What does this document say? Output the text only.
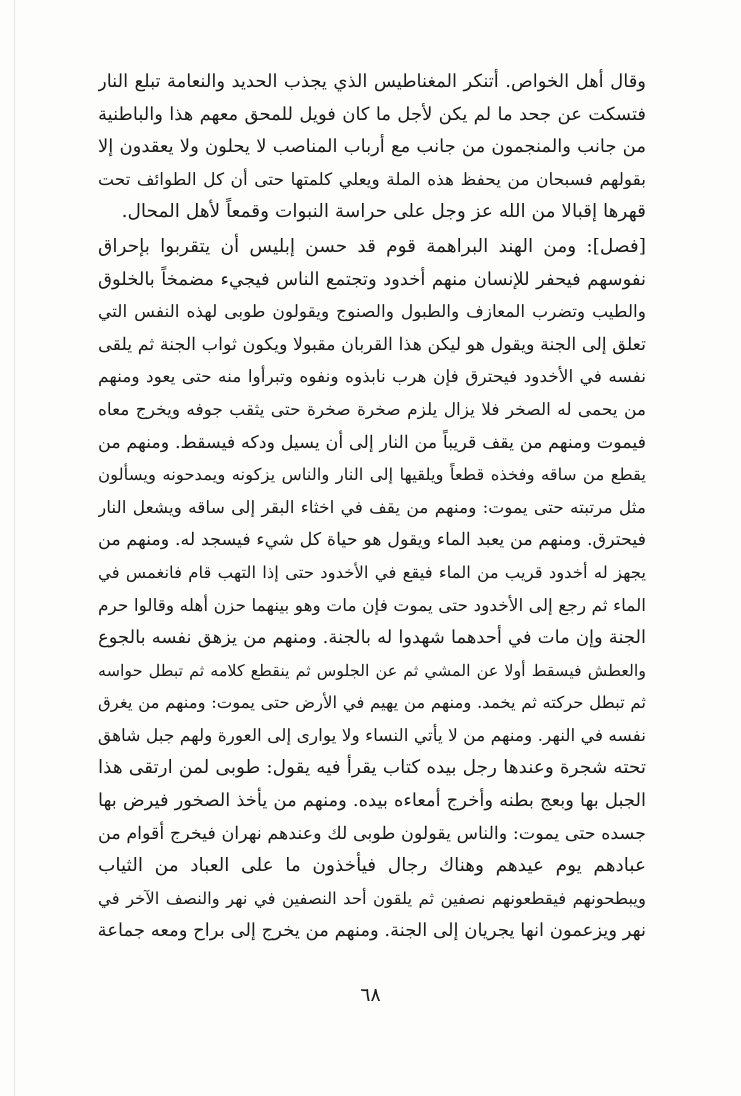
وقال أهل الخواص. أتنكر المغناطيس الذي يجذب الحديد والنعامة تبلع النار
فتسكت عن جحد ما لم يكن لأجل ما كان فويل للمحق معهم هذا والباطنية
من جانب والمنجمون من جانب مع أرباب المناصب لا يحلون ولا يعقدون إلا
بقولهم فسبحان من يحفظ هذه الملة ويعلي كلمتها حتى أن كل الطوائف تحت
قهرها إقبالا من الله عز وجل على حراسة النبوات وقمعاً لأهل المحال.
[فصل]: ومن الهند البراهمة قوم قد حسن إبليس أن يتقربوا بإحراق
نفوسهم فيحفر للإنسان منهم أخدود وتجتمع الناس فيجيء مضمخاً بالخلوق
والطيب وتضرب المعازف والطبول والصنوج ويقولون طوبى لهذه النفس التي
تعلق إلى الجنة ويقول هو ليكن هذا القربان مقبولا ويكون ثواب الجنة ثم يلقى
نفسه في الأخدود فيحترق فإن هرب نابذوه ونفوه وتبرأوا منه حتى يعود ومنهم
من يحمى له الصخر فلا يزال يلزم صخرة صخرة حتى يثقب جوفه ويخرج معاه
فيموت ومنهم من يقف قريباً من النار إلى أن يسيل ودكه فيسقط. ومنهم من
يقطع من ساقه وفخذه قطعاً ويلقيها إلى النار والناس يزكونه ويمدحونه ويسألون
مثل مرتبته حتى يموت: ومنهم من يقف في اخثاء البقر إلى ساقه ويشعل النار
فيحترق. ومنهم من يعبد الماء ويقول هو حياة كل شيء فيسجد له. ومنهم من
يجهز له أخدود قريب من الماء فيقع في الأخدود حتى إذا التهب قام فانغمس في
الماء ثم رجع إلى الأخدود حتى يموت فإن مات وهو بينهما حزن أهله وقالوا حرم
الجنة وإن مات في أحدهما شهدوا له بالجنة. ومنهم من يزهق نفسه بالجوع
والعطش فيسقط أولا عن المشي ثم عن الجلوس ثم ينقطع كلامه ثم تبطل حواسه
ثم تبطل حركته ثم يخمد. ومنهم من يهيم في الأرض حتى يموت: ومنهم من يغرق
نفسه في النهر. ومنهم من لا يأتي النساء ولا يوارى إلى العورة ولهم جبل شاهق
تحته شجرة وعندها رجل بيده كتاب يقرأ فيه يقول: طوبى لمن ارتقى هذا
الجبل بها وبعج بطنه وأخرج أمعاءه بيده. ومنهم من يأخذ الصخور فيرض بها
جسده حتى يموت: والناس يقولون طوبى لك وعندهم نهران فيخرج أقوام من
عبادهم يوم عيدهم وهناك رجال فيأخذون ما على العباد من الثياب
ويبطحونهم فيقطعونهم نصفين ثم يلقون أحد النصفين في نهر والنصف الآخر في
نهر ويزعمون انها يجريان إلى الجنة. ومنهم من يخرج إلى براح ومعه جماعة
٦٨
